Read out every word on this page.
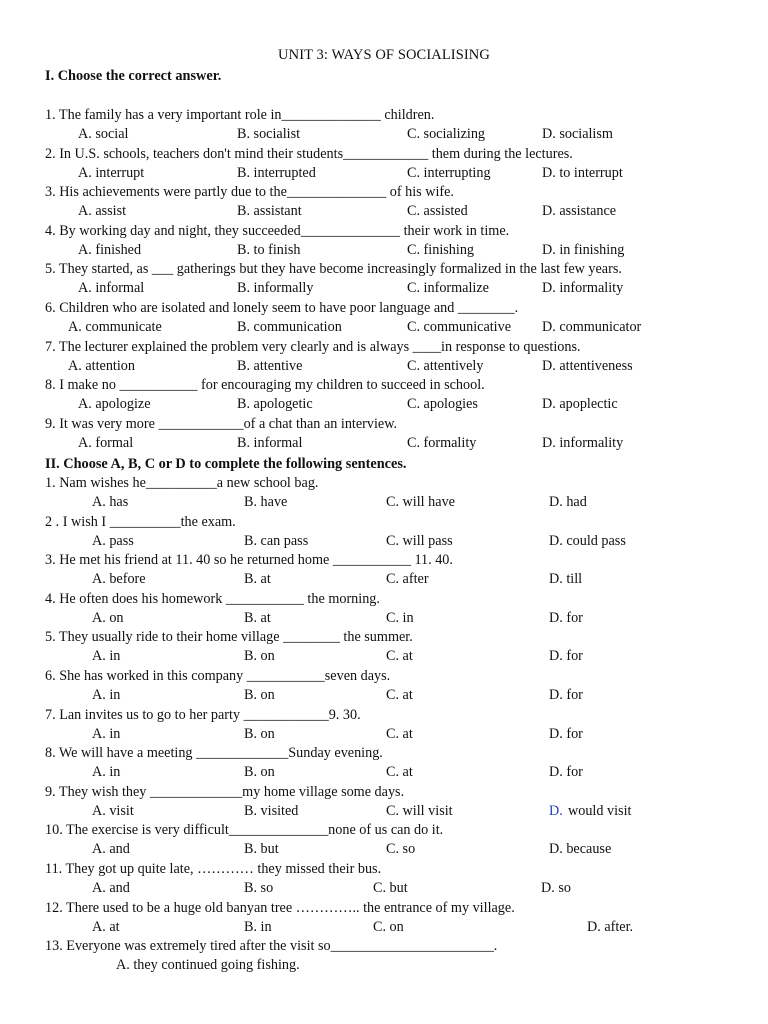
UNIT 3: WAYS OF SOCIALISING
I. Choose the correct answer.
1. The family has a very important role in______________ children.
A. social	B. socialist	C. socializing	D. socialism
2. In U.S. schools, teachers don't mind their students____________ them during the lectures.
A. interrupt	B. interrupted	C. interrupting	D. to interrupt
3. His achievements were partly due to the______________ of his wife.
A. assist	B. assistant	C. assisted	D. assistance
4. By working day and night, they succeeded______________ their work in time.
A. finished	B. to finish	C. finishing	D. in finishing
5. They started, as ___ gatherings but they have become increasingly formalized in the last few years.
A. informal	B. informally	C. informalize	D. informality
6. Children who are isolated and lonely seem to have poor language and ________.
A. communicate	B. communication	C. communicative D. communicator
7. The lecturer explained the problem very clearly and is always ____in response to questions.
A. attention	B. attentive	C. attentively	D. attentiveness
8. I make no ___________ for encouraging my children to succeed in school.
A. apologize	B. apologetic	C. apologies	D. apoplectic
9. It was very more ____________of a chat than an interview.
A. formal	B. informal	C. formality	D. informality
II. Choose A, B, C or D to complete the following sentences.
1. Nam wishes he__________a new school bag.
A. has	B. have	C. will have	D. had
2 . I wish I __________the exam.
A. pass	B. can pass	C. will pass	D. could pass
3. He met his friend at 11. 40 so he returned home ___________ 11. 40.
A. before	B. at	C. after	D. till
4. He often does his homework ___________ the morning.
A. on	B. at	C. in	D. for
5. They usually ride to their home village ________ the summer.
A. in	B. on	C. at	D. for
6. She has worked in this company ___________seven days.
A. in	B. on	C. at	D. for
7. Lan invites us to go to her party ____________9. 30.
A. in	B. on	C. at	D. for
8. We will have a meeting _____________Sunday evening.
A. in	B. on	C. at	D. for
9. They wish they _____________my home village some days.
A. visit	B. visited	C. will visit	D. would visit
10. The exercise is very difficult______________none of us can do it.
A. and	B. but	C. so	D. because
11. They got up quite late, ………… they missed their bus.
A. and	B. so	C. but	D. so
12. There used to be a huge old banyan tree ………….. the entrance of my village.
A. at	B. in	C. on	D. after.
13. Everyone was extremely tired after the visit so_______________________.
A. they continued going fishing.
